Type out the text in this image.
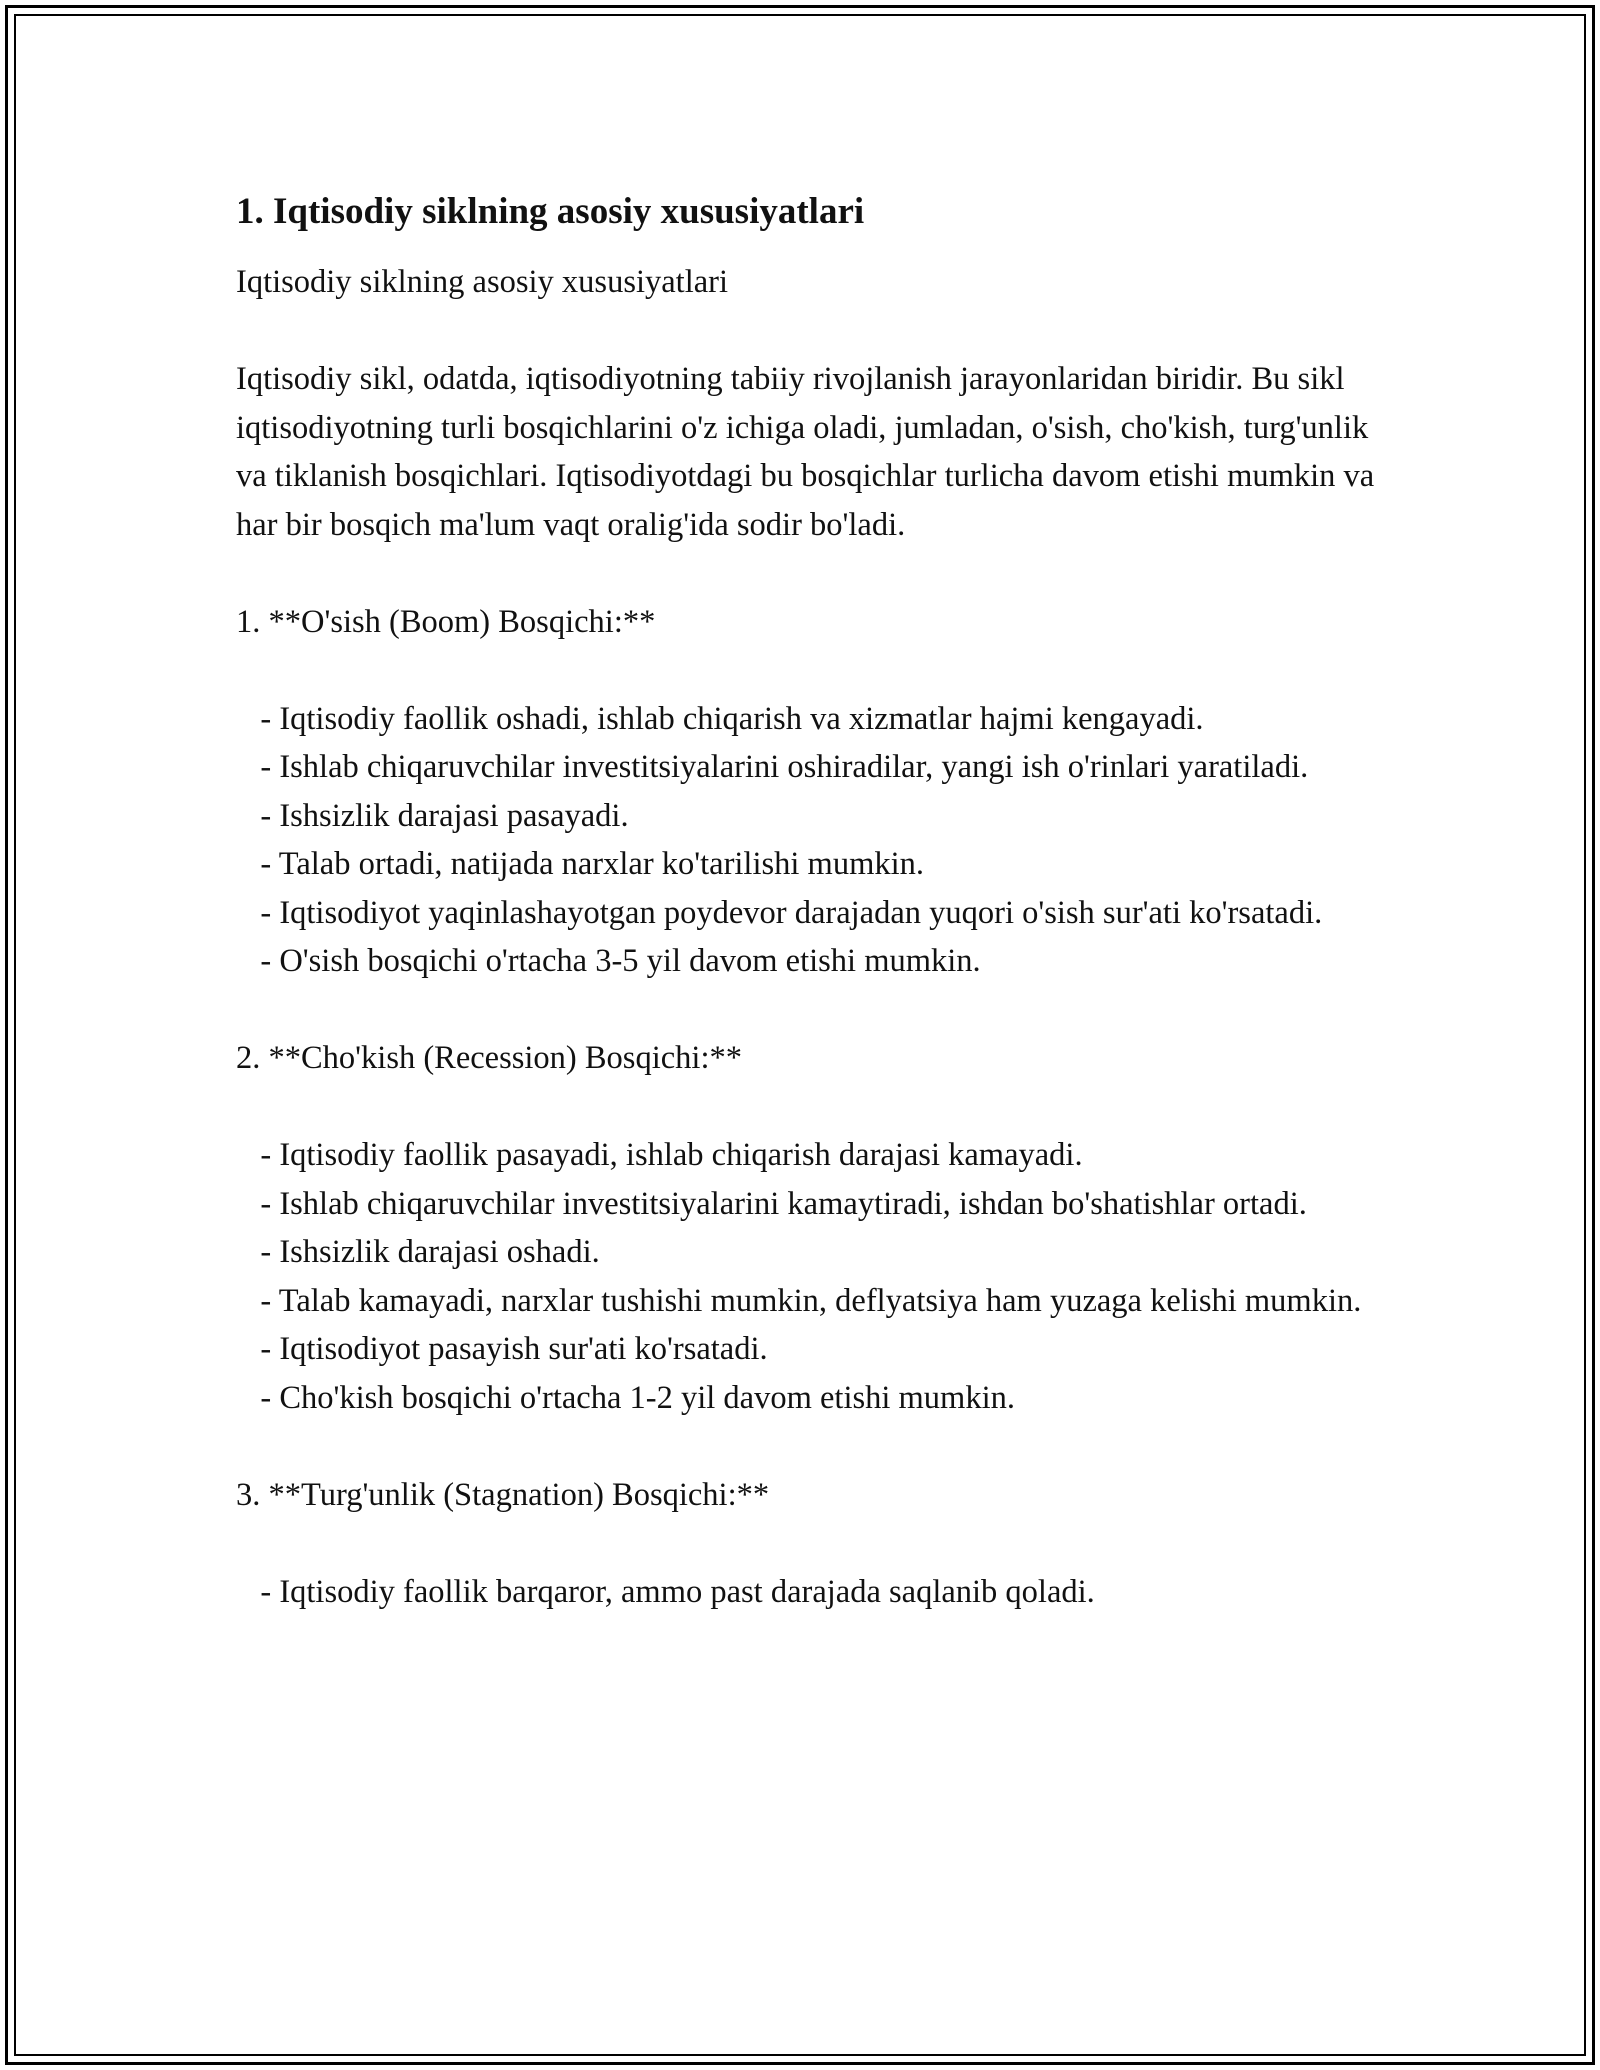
1. Iqtisodiy siklning asosiy xususiyatlari

Iqtisodiy siklning asosiy xususiyatlari

Iqtisodiy sikl, odatda, iqtisodiyotning tabiiy rivojlanish jarayonlaridan biridir. Bu sikl iqtisodiyotning turli bosqichlarini o'z ichiga oladi, jumladan, o'sish, cho'kish, turg'unlik va tiklanish bosqichlari. Iqtisodiyotdagi bu bosqichlar turlicha davom etishi mumkin va har bir bosqich ma'lum vaqt oralig'ida sodir bo'ladi.

1. **O'sish (Boom) Bosqichi:**

- Iqtisodiy faollik oshadi, ishlab chiqarish va xizmatlar hajmi kengayadi.

- Ishlab chiqaruvchilar investitsiyalarini oshiradilar, yangi ish o'rinlari yaratiladi.

- Ishsizlik darajasi pasayadi.

- Talab ortadi, natijada narxlar ko'tarilishi mumkin.

- Iqtisodiyot yaqinlashayotgan poydevor darajadan yuqori o'sish sur'ati ko'rsatadi.

- O'sish bosqichi o'rtacha 3-5 yil davom etishi mumkin.

2. **Cho'kish (Recession) Bosqichi:**

- Iqtisodiy faollik pasayadi, ishlab chiqarish darajasi kamayadi.

- Ishlab chiqaruvchilar investitsiyalarini kamaytiradi, ishdan bo'shatishlar ortadi.

- Ishsizlik darajasi oshadi.

- Talab kamayadi, narxlar tushishi mumkin, deflyatsiya ham yuzaga kelishi mumkin.

- Iqtisodiyot pasayish sur'ati ko'rsatadi.

- Cho'kish bosqichi o'rtacha 1-2 yil davom etishi mumkin.

3. **Turg'unlik (Stagnation) Bosqichi:**

- Iqtisodiy faollik barqaror, ammo past darajada saqlanib qoladi.
